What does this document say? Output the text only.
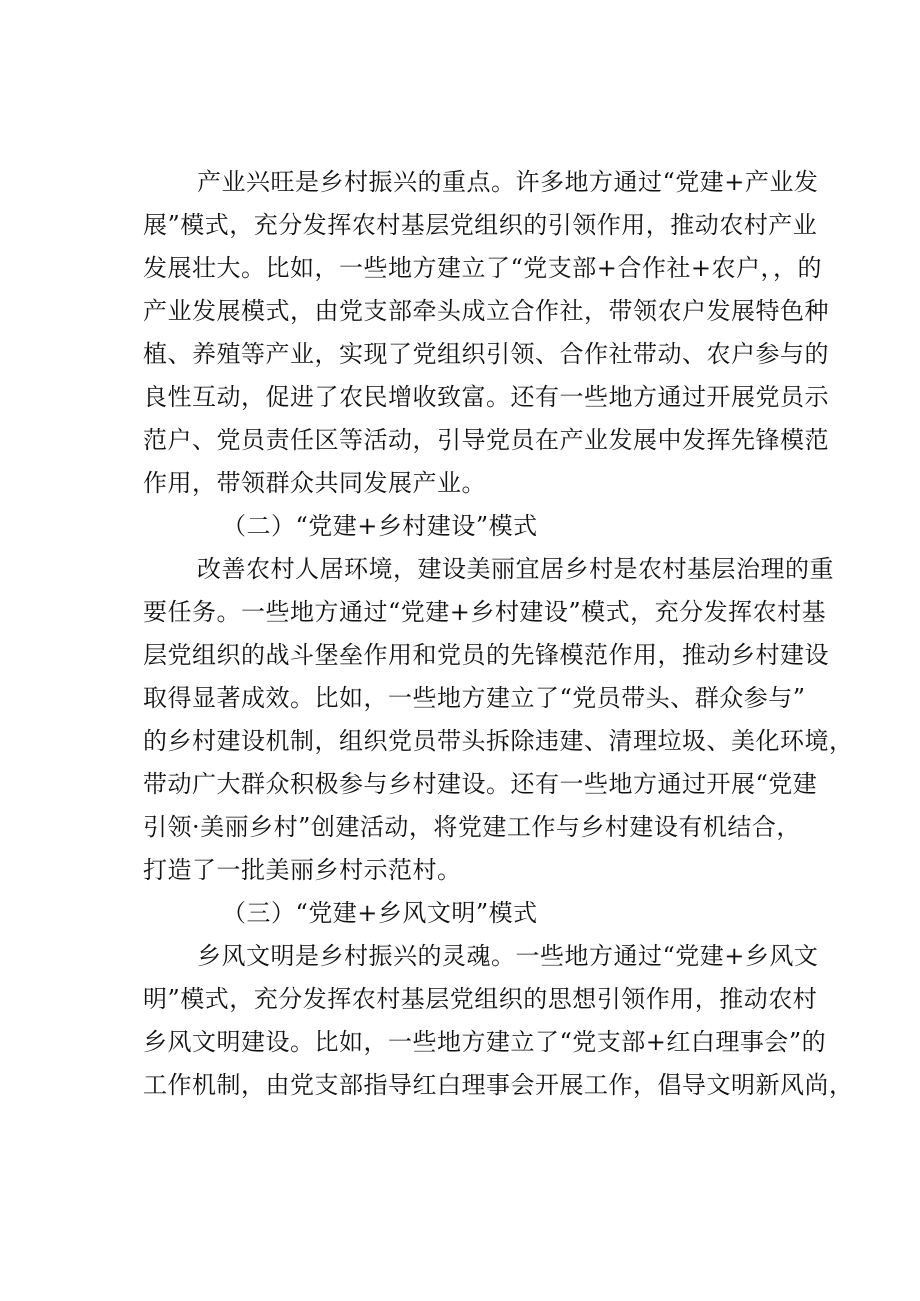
产业兴旺是乡村振兴的重点。许多地方通过“党建+产业发
展”模式，充分发挥农村基层党组织的引领作用，推动农村产业
发展壮大。比如，一些地方建立了“党支部+合作社+农户，，的
产业发展模式，由党支部牵头成立合作社，带领农户发展特色种
植、养殖等产业，实现了党组织引领、合作社带动、农户参与的
良性互动，促进了农民增收致富。还有一些地方通过开展党员示
范户、党员责任区等活动，引导党员在产业发展中发挥先锋模范
作用，带领群众共同发展产业。
（二）“党建+乡村建设”模式
改善农村人居环境，建设美丽宜居乡村是农村基层治理的重
要任务。一些地方通过“党建+乡村建设”模式，充分发挥农村基
层党组织的战斗堡垒作用和党员的先锋模范作用，推动乡村建设
取得显著成效。比如，一些地方建立了“党员带头、群众参与”
的乡村建设机制，组织党员带头拆除违建、清理垃圾、美化环境，
带动广大群众积极参与乡村建设。还有一些地方通过开展“党建
引领·美丽乡村”创建活动，将党建工作与乡村建设有机结合，
打造了一批美丽乡村示范村。
（三）“党建+乡风文明”模式
乡风文明是乡村振兴的灵魂。一些地方通过“党建+乡风文
明”模式，充分发挥农村基层党组织的思想引领作用，推动农村
乡风文明建设。比如，一些地方建立了“党支部+红白理事会”的
工作机制，由党支部指导红白理事会开展工作，倡导文明新风尚，
